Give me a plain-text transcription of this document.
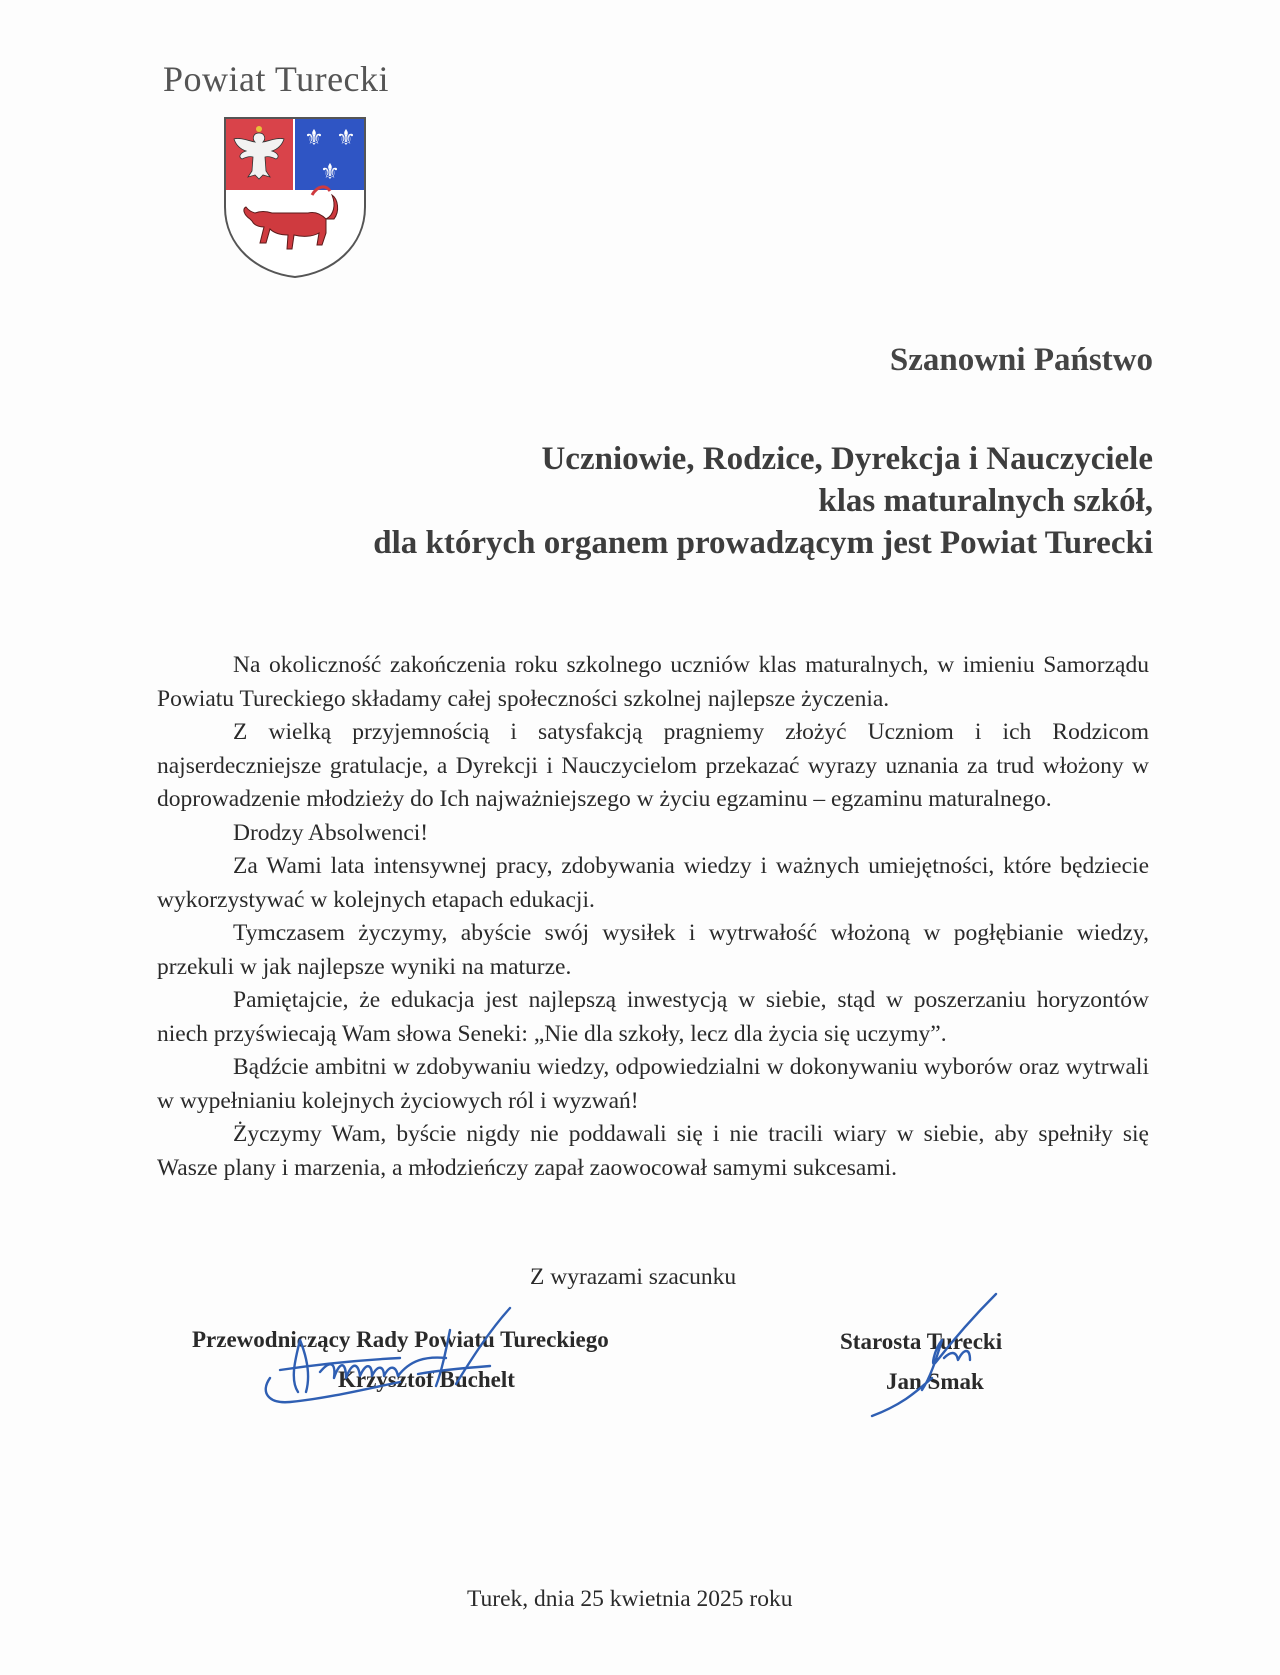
Powiat Turecki
⚜ ⚜
⚜
Szanowni Państwo
Uczniowie, Rodzice, Dyrekcja i Nauczyciele
klas maturalnych szkół,
dla których organem prowadzącym jest Powiat Turecki

Na okoliczność zakończenia roku szkolnego uczniów klas maturalnych, w imieniu Samorządu Powiatu Tureckiego składamy całej społeczności szkolnej najlepsze życzenia.

Z wielką przyjemnością i satysfakcją pragniemy złożyć Uczniom i ich Rodzicom najserdeczniejsze gratulacje, a Dyrekcji i Nauczycielom przekazać wyrazy uznania za trud włożony w doprowadzenie młodzieży do Ich najważniejszego w życiu egzaminu – egzaminu maturalnego.

Drodzy Absolwenci!

Za Wami lata intensywnej pracy, zdobywania wiedzy i ważnych umiejętności, które będziecie wykorzystywać w kolejnych etapach edukacji.

Tymczasem życzymy, abyście swój wysiłek i wytrwałość włożoną w pogłębianie wiedzy, przekuli w jak najlepsze wyniki na maturze.

Pamiętajcie, że edukacja jest najlepszą inwestycją w siebie, stąd w poszerzaniu horyzontów niech przyświecają Wam słowa Seneki: „Nie dla szkoły, lecz dla życia się uczymy”.

Bądźcie ambitni w zdobywaniu wiedzy, odpowiedzialni w dokonywaniu wyborów oraz wytrwali w wypełnianiu kolejnych życiowych ról i wyzwań!

Życzymy Wam, byście nigdy nie poddawali się i nie tracili wiary w siebie, aby spełniły się Wasze plany i marzenia, a młodzieńczy zapał zaowocował samymi sukcesami.

Z wyrazami szacunku
Przewodniczący Rady Powiatu Tureckiego
Krzysztof Buchelt
Starosta Turecki
Jan Smak
Turek, dnia 25 kwietnia 2025 roku
